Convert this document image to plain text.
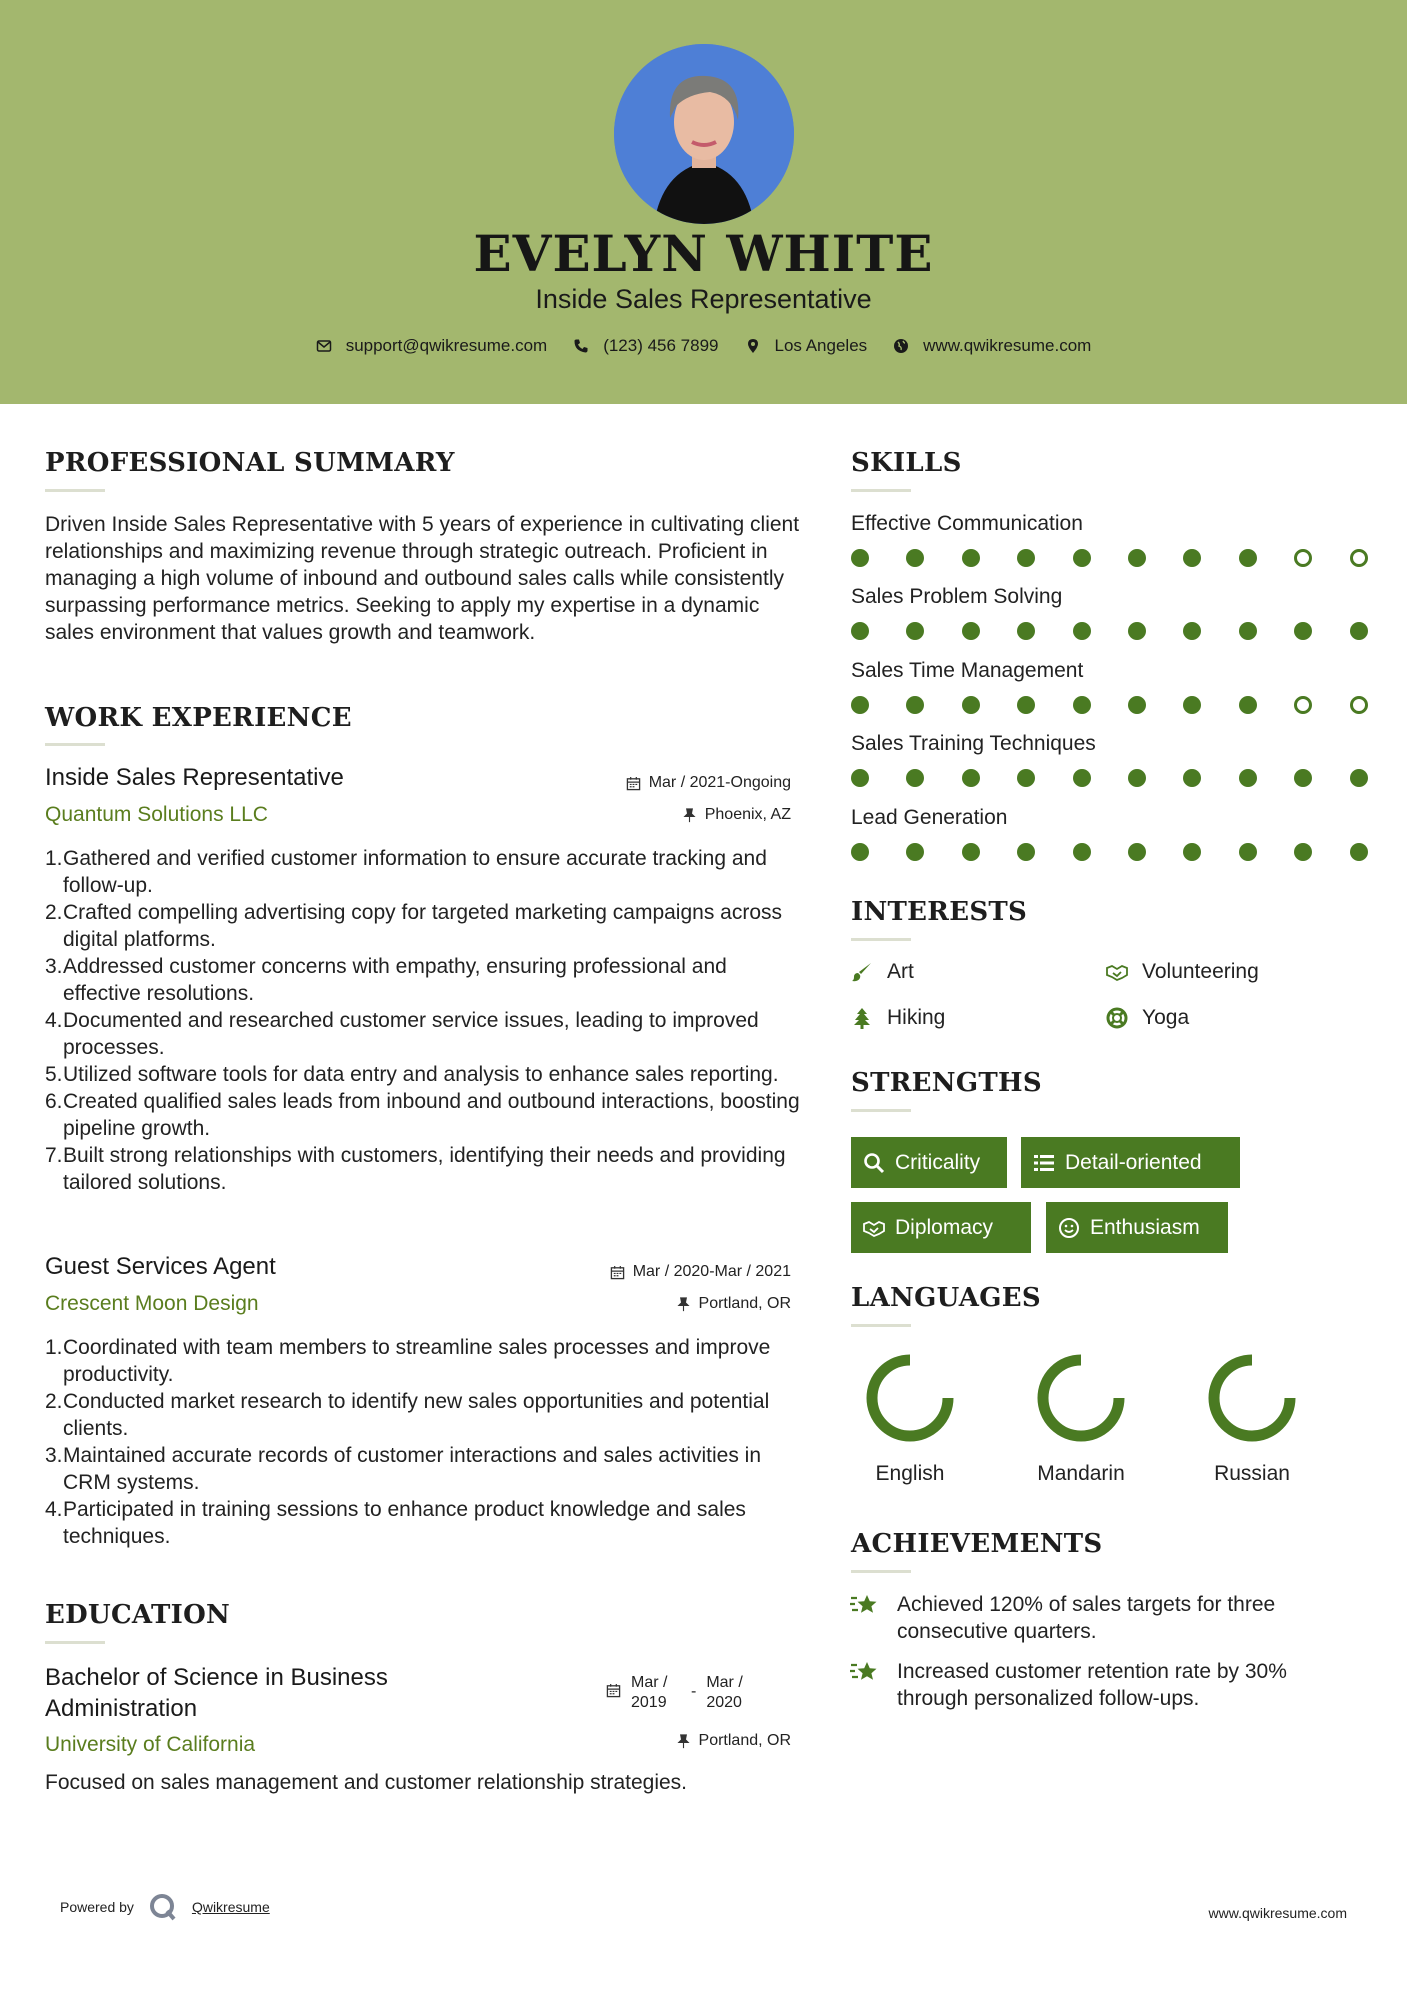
EVELYN WHITE
Inside Sales Representative
support@qwikresume.com	(123) 456 7899	Los Angeles	www.qwikresume.com
PROFESSIONAL SUMMARY
Driven Inside Sales Representative with 5 years of experience in cultivating client relationships and maximizing revenue through strategic outreach. Proficient in managing a high volume of inbound and outbound sales calls while consistently surpassing performance metrics. Seeking to apply my expertise in a dynamic sales environment that values growth and teamwork.
WORK EXPERIENCE
Inside Sales Representative
Quantum Solutions LLC
Mar / 2021-Ongoing
Phoenix, AZ
1. Gathered and verified customer information to ensure accurate tracking and follow-up.
2. Crafted compelling advertising copy for targeted marketing campaigns across digital platforms.
3. Addressed customer concerns with empathy, ensuring professional and effective resolutions.
4. Documented and researched customer service issues, leading to improved processes.
5. Utilized software tools for data entry and analysis to enhance sales reporting.
6. Created qualified sales leads from inbound and outbound interactions, boosting pipeline growth.
7. Built strong relationships with customers, identifying their needs and providing tailored solutions.
Guest Services Agent
Crescent Moon Design
Mar / 2020-Mar / 2021
Portland, OR
1. Coordinated with team members to streamline sales processes and improve productivity.
2. Conducted market research to identify new sales opportunities and potential clients.
3. Maintained accurate records of customer interactions and sales activities in CRM systems.
4. Participated in training sessions to enhance product knowledge and sales techniques.
EDUCATION
Bachelor of Science in Business Administration
Mar / 2019
-
Mar / 2020
University of California	Portland, OR
Focused on sales management and customer relationship strategies.
SKILLS
Effective Communication
Sales Problem Solving
Sales Time Management
Sales Training Techniques
Lead Generation
INTERESTS
Art	Volunteering
Hiking	Yoga
STRENGTHS
Criticality	Detail-oriented
Diplomacy	Enthusiasm
LANGUAGES
English	Mandarin	Russian
ACHIEVEMENTS
Achieved 120% of sales targets for three consecutive quarters.
Increased customer retention rate by 30% through personalized follow-ups.
Powered by	Qwikresume	www.qwikresume.com
